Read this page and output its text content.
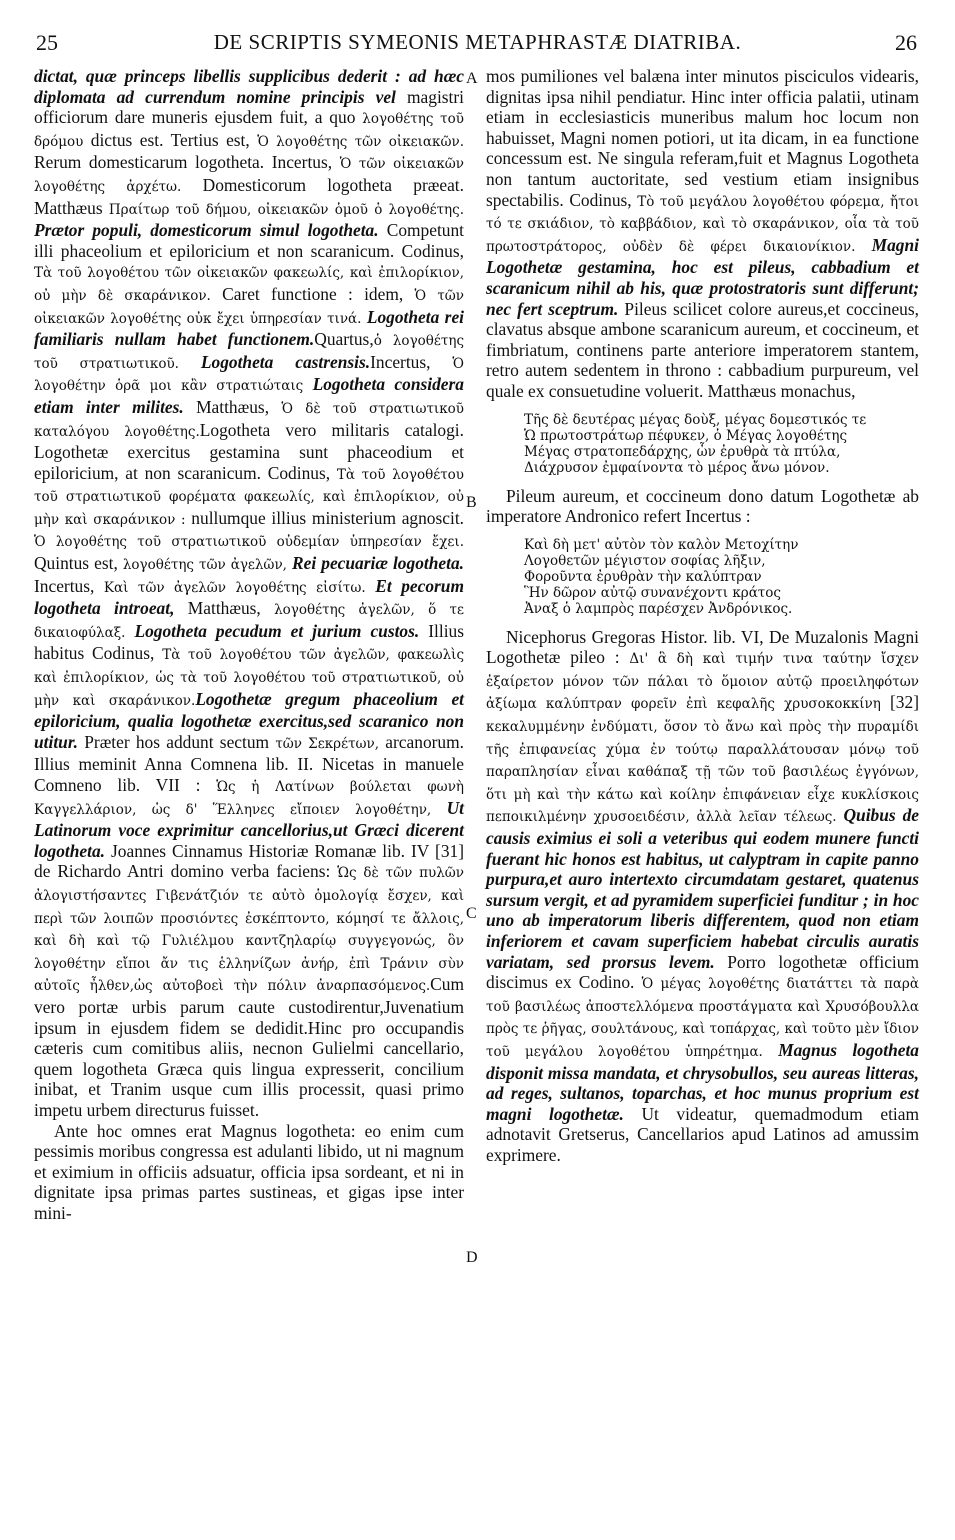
25	DE SCRIPTIS SYMEONIS METAPHRASTÆ DIATRIBA.	26

dictat, quæ princeps libellis supplicibus dederit : ad hæc diplomata ad currendum nomine principis vel magistri officiorum dare muneris ejusdem fuit, a quo λογοθέτης τοῦ δρόμου dictus est. Tertius est, Ὁ λογοθέτης τῶν οἰκειακῶν. Rerum domesticarum logotheta. Incertus, Ὁ τῶν οἰκειακῶν λογοθέτης ἀρχέτω. Domesticorum logotheta præeat. Matthæus Πραίτωρ τοῦ δήμου, οἰκειακῶν ὁμοῦ ὁ λογοθέτης. Prætor populi, domesticorum simul logotheta. Competunt illi phaceolium et epiloricium et non scaranicum. Codinus, Τὰ τοῦ λογοθέτου τῶν οἰκειακῶν φακεωλίς, καὶ ἐπιλορίκιον, οὐ μὴν δὲ σκαράνικον. Caret functione : idem, Ὁ τῶν οἰκειακῶν λογοθέτης οὐκ ἔχει ὑπηρεσίαν τινά. Logotheta rei familiaris nullam habet functionem.Quartus,ὁ λογοθέτης τοῦ στρατιωτικοῦ. Logotheta castrensis.Incertus, Ὁ λογοθέτην ὁρᾶ μοι κἂν στρατιώταις Logotheta considera etiam inter milites. Matthæus, Ὁ δὲ τοῦ στρατιωτικοῦ καταλόγου λογοθέτης.Logotheta vero militaris catalogi. Logothetæ exercitus gestamina sunt phaceodium et epiloricium, at non scaranicum. Codinus, Τὰ τοῦ λογοθέτου τοῦ στρατιωτικοῦ φορέματα φακεωλίς, καὶ ἐπιλορίκιον, οὐ μὴν καὶ σκαράνικον : nullumque illius ministerium agnoscit. Ὁ λογοθέτης τοῦ στρατιωτικοῦ οὐδεμίαν ὑπηρεσίαν ἔχει. Quintus est, λογοθέτης τῶν ἀγελῶν, Rei pecuariæ logotheta. Incertus, Καὶ τῶν ἀγελῶν λογοθέτης εἰσίτω. Et pecorum logotheta introeat, Matthæus, λογοθέτης ἀγελῶν, ὅ τε δικαιοφύλαξ. Logotheta pecudum et jurium custos. Illius habitus Codinus, Τὰ τοῦ λογοθέτου τῶν ἀγελῶν, φακεωλὶς καὶ ἐπιλορίκιον, ὡς τὰ τοῦ λογοθέτου τοῦ στρατιωτικοῦ, οὐ μὴν καὶ σκαράνικον.Logothetæ gregum phaceolium et epiloricium, qualia logothetæ exercitus,sed scaranico non utitur. Præter hos addunt sectum τῶν Σεκρέτων, arcanorum. Illius meminit Anna Comnena lib. II. Nicetas in manuele Comneno lib. VII : Ὡς ἡ Λατίνων βούλεται φωνὴ Καγγελλάριον, ὡς δ' Ἕλληνες εἴποιεν λογοθέτην, Ut Latinorum voce exprimitur cancellorius,ut Græci dicerent logotheta. Joannes Cinnamus Historiæ Romanæ lib. IV [31] de Richardo Antri domino verba faciens: Ὡς δὲ τῶν πυλῶν ἀλογιστήσαντες Γιβενάτζιόν τε αὐτὸ ὁμολογίᾳ ἔσχεν, καὶ περὶ τῶν λοιπῶν προσιόντες ἐσκέπτοντο, κόμησί τε ἄλλοις, καὶ δὴ καὶ τῷ Γυλιέλμου καντζηλαρίῳ συγγεγονώς, ὃν λογοθέτην εἴποι ἄν τις ἑλληνίζων ἀνήρ, ἐπὶ Τράνιν σὺν αὐτοῖς ἦλθεν,ὡς αὐτοβοεὶ τὴν πόλιν ἀναρπασόμενος.Cum vero portæ urbis parum caute custodirentur,Juvenatium ipsum in ejusdem fidem se dedidit.Hinc pro occupandis cæteris cum comitibus aliis, necnon Gulielmi cancellario, quem logotheta Græca quis lingua expresserit, concilium inibat, et Tranim usque cum illis processit, quasi primo impetu urbem directurus fuisset.

Ante hoc omnes erat Magnus logotheta: eo enim cum pessimis moribus congressa est adulanti libido, ut ni magnum et eximium in officiis adsuatur, officia ipsa sordeant, et ni in dignitate ipsa primas partes sustineas, et gigas ipse inter mini-

A
B
C
D

mos pumiliones vel balæna inter minutos pisciculos videaris, dignitas ipsa nihil pendiatur. Hinc inter officia palatii, utinam etiam in ecclesiasticis muneribus malum hoc locum non habuisset, Magni nomen potiori, ut ita dicam, in ea functione concessum est. Ne singula referam,fuit et Magnus Logotheta non tantum auctoritate, sed vestium etiam insignibus spectabilis. Codinus, Τὸ τοῦ μεγάλου λογοθέτου φόρεμα, ἤτοι τό τε σκιάδιον, τὸ καββάδιον, καὶ τὸ σκαράνικον, οἷα τὰ τοῦ πρωτοστράτορος, οὐδὲν δὲ φέρει δικαιονίκιον. Magni Logothetæ gestamina, hoc est pileus, cabbadium et scaranicum nihil ab his, quæ protostratoris sunt differunt; nec fert sceptrum. Pileus scilicet colore aureus,et coccineus, clavatus absque ambone scaranicum aureum, et coccineum, et fimbriatum, continens parte anteriore imperatorem stantem, retro autem sedentem in throno : cabbadium purpureum, vel quale ex consuetudine voluerit. Matthæus monachus,

Τῆς δὲ δευτέρας μέγας δοὺξ, μέγας δομεστικός τε
Ὡ πρωτοστράτωρ πέφυκεν, ὁ Μέγας λογοθέτης
Μέγας στρατοπεδάρχης, ὧν ἐρυθρὰ τὰ πτύλα,
Διάχρυσον ἐμφαίνοντα τὸ μέρος ἄνω μόνον.

Pileum aureum, et coccineum dono datum Logothetæ ab imperatore Andronico refert Incertus :

Καὶ δὴ μετ' αὐτὸν τὸν καλὸν Μετοχίτην
Λογοθετῶν μέγιστον σοφίας λῆξιν,
Φοροῦντα ἐρυθρὰν τὴν καλύπτραν
Ἣν δῶρον αὐτῷ συνανέχοντι κράτος
Ἀναξ ὁ λαμπρὸς παρέσχεν Ἀνδρόνικος.

Nicephorus Gregoras Histor. lib. VI, De Muzalonis Magni Logothetæ pileo : Δι' ἃ δὴ καὶ τιμήν τινα ταύτην ἴσχεν ἐξαίρετον μόνον τῶν πάλαι τὸ ὅμοιον αὐτῷ προειληφότων ἀξίωμα καλύπτραν φορεῖν ἐπὶ κεφαλῆς χρυσοκοκκίνη [32] κεκαλυμμένην ἐνδύματι, ὅσον τὸ ἄνω καὶ πρὸς τὴν πυραμίδι τῆς ἐπιφανείας χύμα ἐν τούτῳ παραλλάτουσαν μόνῳ τοῦ παραπλησίαν εἶναι καθάπαξ τῇ τῶν τοῦ βασιλέως ἐγγόνων, ὅτι μὴ καὶ τὴν κάτω καὶ κοίλην ἐπιφάνειαν εἶχε κυκλίσκοις πεποικιλμένην χρυσοειδέσιν, ἀλλὰ λεῖαν τέλεως. Quibus de causis eximius ei soli a veteribus qui eodem munere functi fuerant hic honos est habitus, ut calyptram in capite panno purpura,et auro intertexto circumdatam gestaret, quatenus sursum vergit, et ad pyramidem superficiei funditur ; in hoc uno ab imperatorum liberis differentem, quod non etiam inferiorem et cavam superficiem habebat circulis auratis variatam, sed prorsus levem. Porro logothetæ officium discimus ex Codino. Ὁ μέγας λογοθέτης διατάττει τὰ παρὰ τοῦ βασιλέως ἀποστελλόμενα προστάγματα καὶ Χρυσόβουλλα πρὸς τε ῥῆγας, σουλτάνους, καὶ τοπάρχας, καὶ τοῦτο μὲν ἴδιον τοῦ μεγάλου λογοθέτου ὑπηρέτημα. Magnus logotheta disponit missa mandata, et chrysobullos, seu aureas litteras, ad reges, sultanos, toparchas, et hoc munus proprium est magni logothetæ. Ut videatur, quemadmodum etiam adnotavit Gretserus, Cancellarios apud Latinos ad amussim exprimere.
